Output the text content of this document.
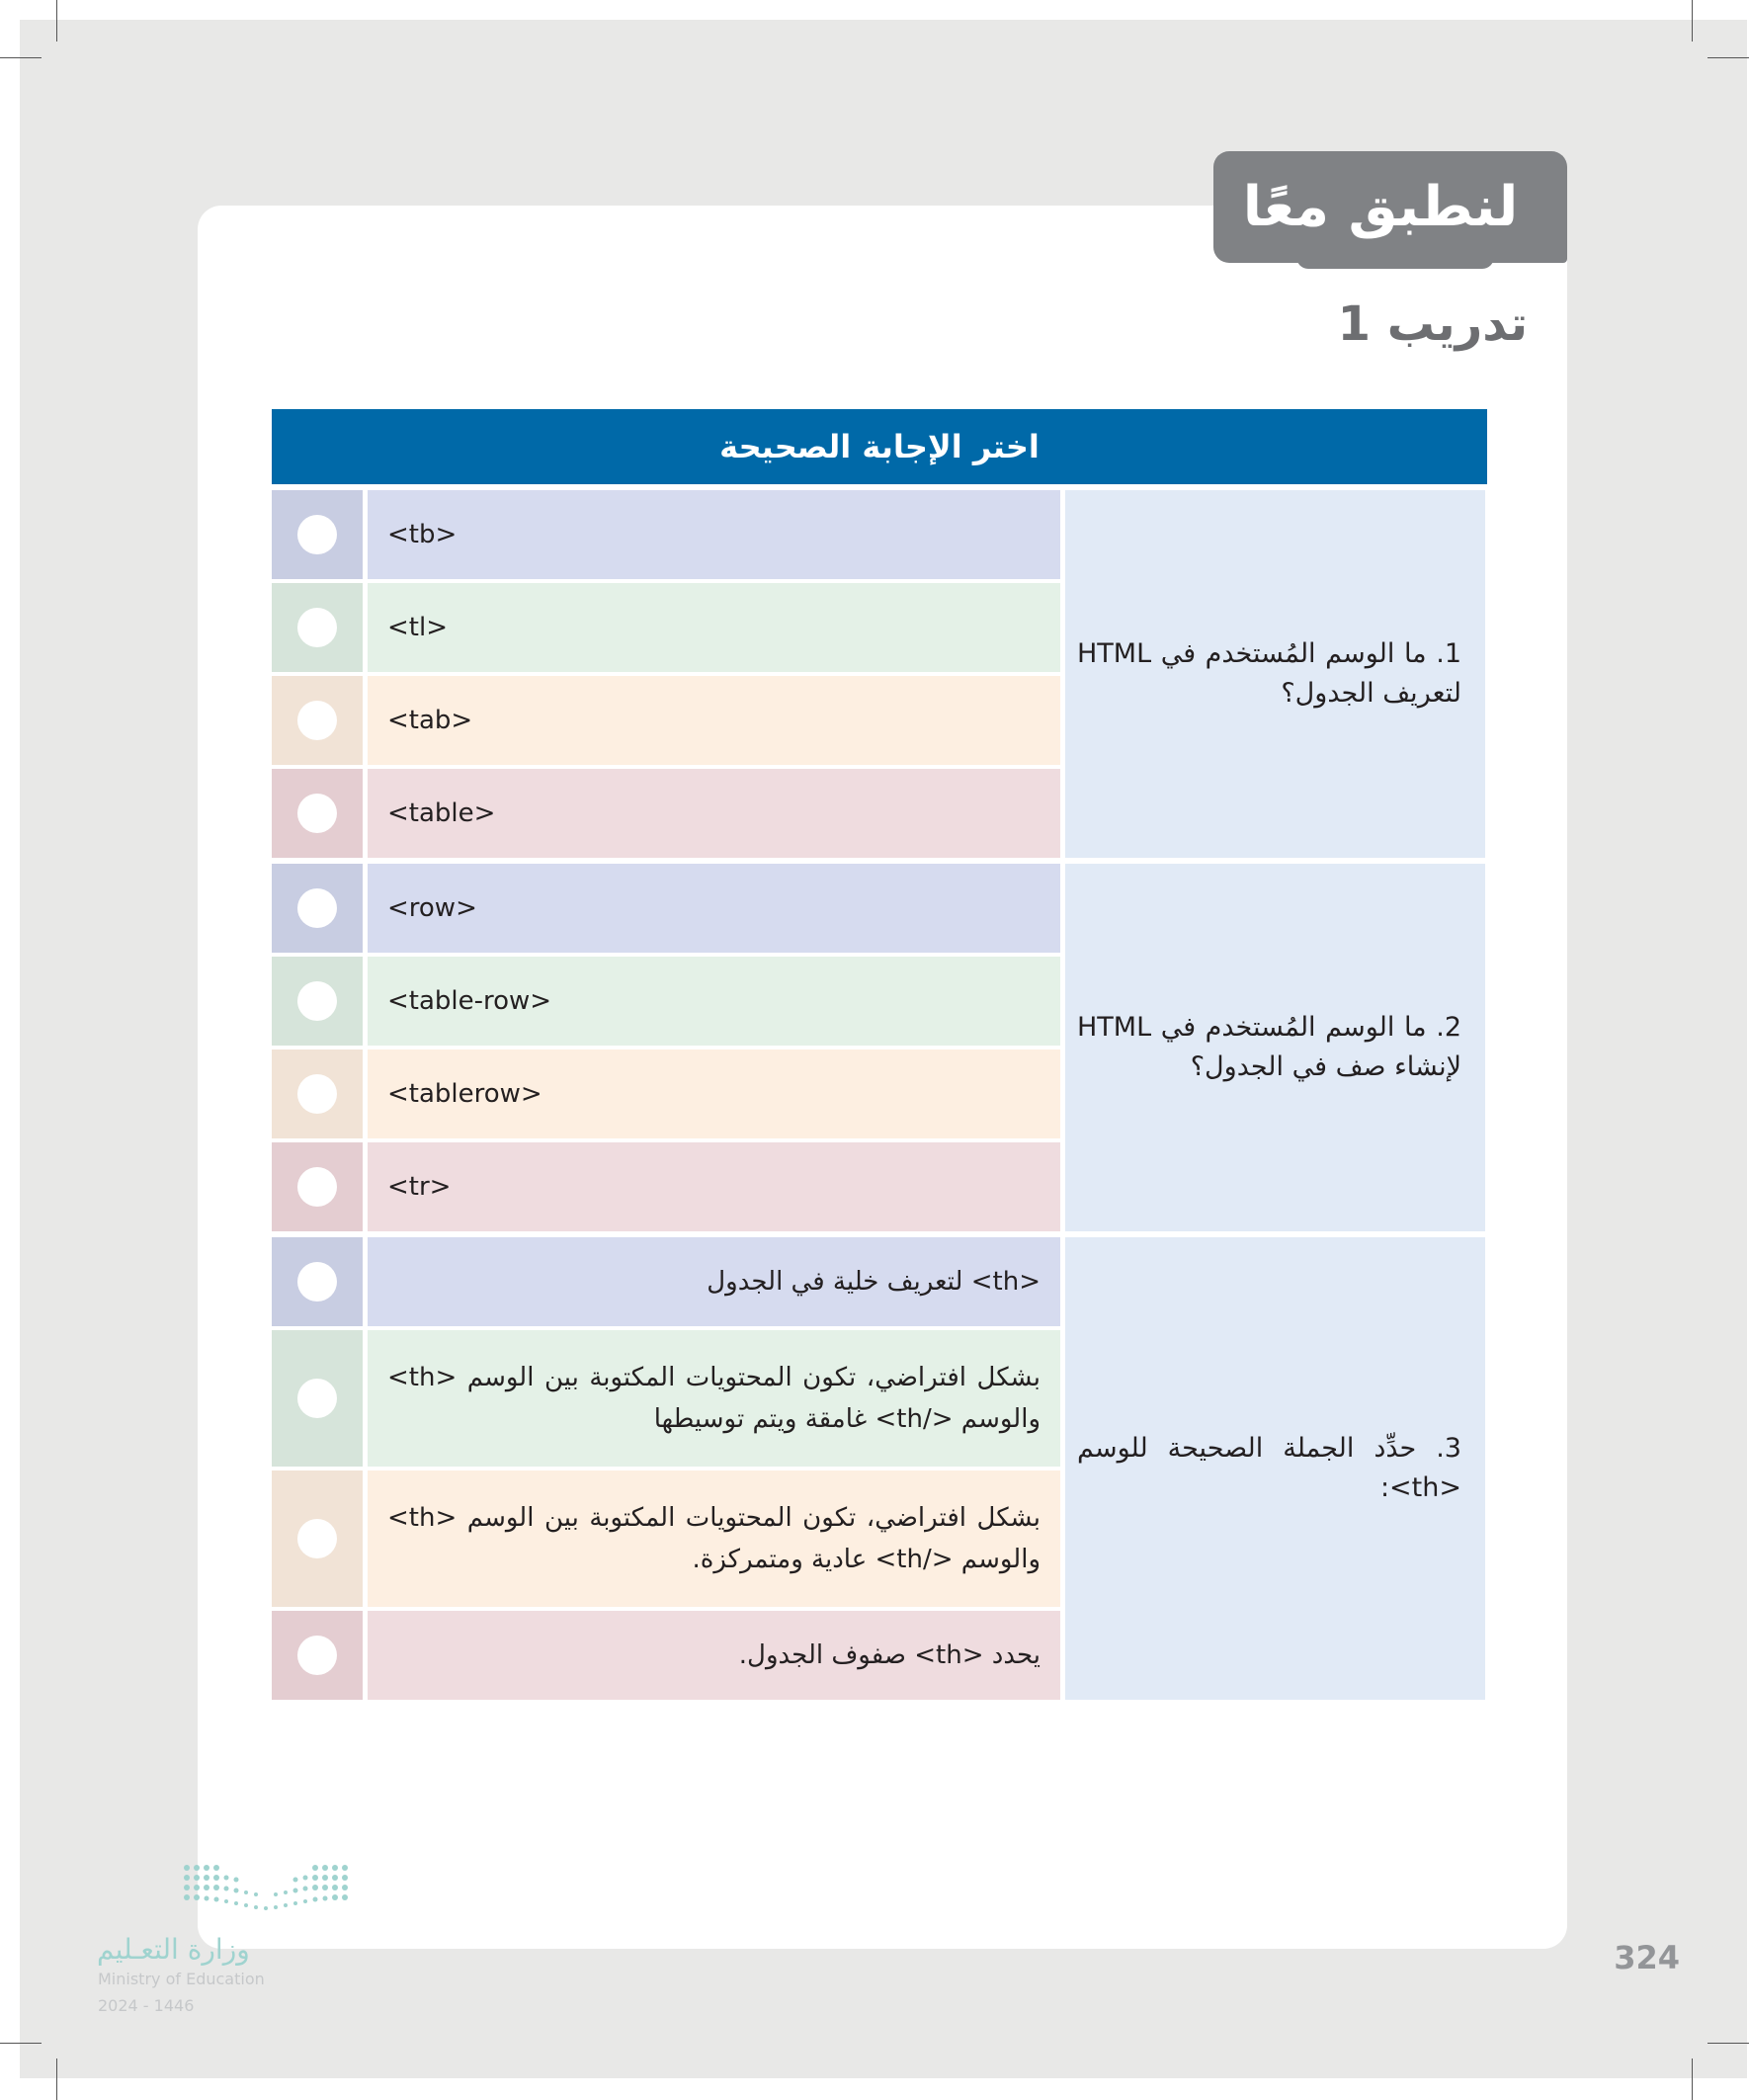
لنطبق معًا
تدريب 1
اختر الإجابة الصحيحة
1. ما الوسم المُستخدم في HTML لتعريف الجدول؟
<tb>
<tl>
<tab>
<table>
2. ما الوسم المُستخدم في HTML لإنشاء صف في الجدول؟
<row>
<table-row>
<tablerow>
<tr>
3. حدِّد الجملة الصحيحة للوسم <th>:
<th> لتعريف خلية في الجدول
بشكل افتراضي، تكون المحتويات المكتوبة بين الوسم <th> والوسم </th> غامقة ويتم توسيطها
بشكل افتراضي، تكون المحتويات المكتوبة بين الوسم <th> والوسم </th> عادية ومتمركزة.
يحدد <th> صفوف الجدول.
324
وزارة التعـليم
Ministry of Education
2024 - 1446
